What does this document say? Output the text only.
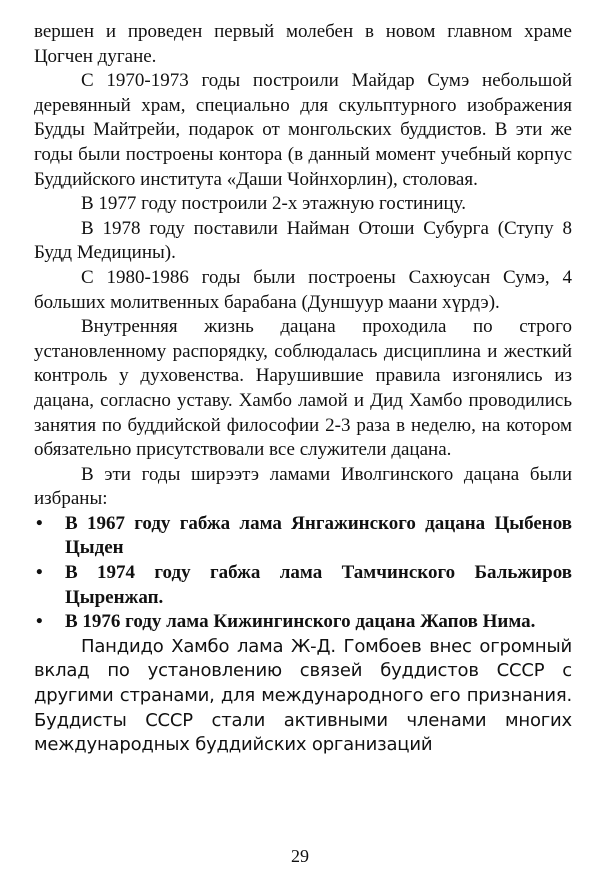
вершен и проведен первый молебен в новом главном храме Цогчен дугане.

С 1970-1973 годы построили Майдар Сумэ небольшой деревянный храм, специально для скульптурного изображения Будды Майтрейи, подарок от монгольских буддистов. В эти же годы были построены контора (в данный момент учебный корпус Буддийского института «Даши Чойнхорлин), столовая.

В 1977 году построили 2-х этажную гостиницу.

В 1978 году поставили Найман Отоши Субурга (Ступу 8 Будд Медицины).

С 1980-1986 годы были построены Сахюусан Сумэ, 4 больших молитвенных барабана (Дуншуур маани хүрдэ).

Внутренняя жизнь дацана проходила по строго установленному распорядку, соблюдалась дисциплина и жесткий контроль у духовенства. Нарушившие правила изгонялись из дацана, согласно уставу. Хамбо ламой и Дид Хамбо проводились занятия по буддийской философии 2-3 раза в неделю, на котором обязательно присутствовали все служители дацана.

В эти годы ширээтэ ламами Иволгинского дацана были избраны:

• В 1967 году габжа лама Янгажинского дацана Цыбенов Цыден
• В 1974 году габжа лама Тамчинского Бальжиров Цыренжап.
• В 1976 году лама Кижингинского дацана Жапов Нима.

Пандидо Хамбо лама Ж-Д. Гомбоев внес огромный вклад по установлению связей буддистов СССР с другими странами, для международного его признания. Буддисты СССР стали активными членами многих международных буддийских организаций

29
